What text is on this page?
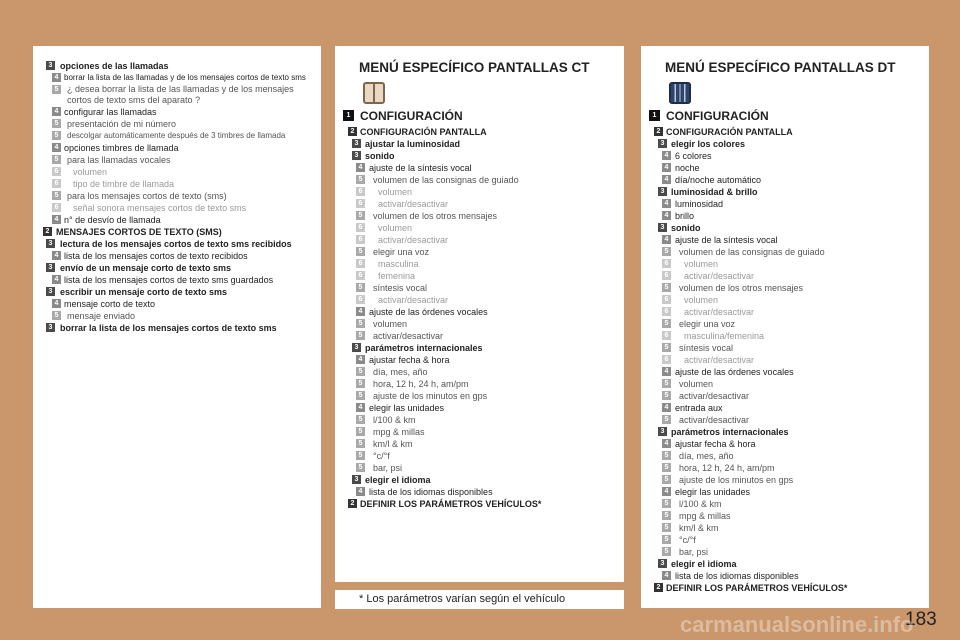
3 opciones de las llamadas
4 borrar la lista de las llamadas y de los mensajes cortos de texto sms
5 ¿ desea borrar la lista de las llamadas y de los mensajes cortos de texto sms del aparato ?
4 configurar las llamadas
5 presentación de mi número
5	descolgar automáticamente después de 3 timbres de llamada
4 opciones timbres de llamada
5 para las llamadas vocales
6 volumen
6 tipo de timbre de llamada
5 para los mensajes cortos de texto (sms)
6 señal sonora mensajes cortos de texto sms
4 n° de desvío de llamada
2 MENSAJES CORTOS DE TEXTO (SMS)
3 lectura de los mensajes cortos de texto sms recibidos
4 lista de los mensajes cortos de texto recibidos
3 envío de un mensaje corto de texto sms
4 lista de los mensajes cortos de texto sms guardados
3 escribir un mensaje corto de texto sms
4 mensaje corto de texto
5 mensaje enviado
3 borrar la lista de los mensajes cortos de texto sms
MENÚ ESPECÍFICO PANTALLAS CT
1 CONFIGURACIÓN
2 CONFIGURACIÓN PANTALLA
3 ajustar la luminosidad
3 sonido
4 ajuste de la síntesis vocal
5 volumen de las consignas de guiado
6 volumen
6 activar/desactivar
5 volumen de los otros mensajes
6 volumen
6 activar/desactivar
5 elegir una voz
6 masculina
6 femenina
5 síntesis vocal
6 activar/desactivar
4 ajuste de las órdenes vocales
5 volumen
5 activar/desactivar
3 parámetros internacionales
4 ajustar fecha & hora
5 día, mes, año
5 hora, 12 h, 24 h, am/pm
5 ajuste de los minutos en gps
4 elegir las unidades
5 l/100 & km
5 mpg & millas
5 km/l & km
5 °c/°f
5 bar, psi
3 elegir el idioma
4 lista de los idiomas disponibles
2 DEFINIR LOS PARÁMETROS VEHÍCULOS*
MENÚ ESPECÍFICO PANTALLAS DT
1 CONFIGURACIÓN
2 CONFIGURACIÓN PANTALLA
3 elegir los colores
4 6 colores
4 noche
4 día/noche automático
3 luminosidad & brillo
4 luminosidad
4 brillo
3 sonido
4 ajuste de la síntesis vocal
5 volumen de las consignas de guiado
6 volumen
6 activar/desactivar
5 volumen de los otros mensajes
6 volumen
6 activar/desactivar
5 elegir una voz
6 masculina/femenina
5 síntesis vocal
6 activar/desactivar
4 ajuste de las órdenes vocales
5 volumen
5 activar/desactivar
4 entrada aux
5 activar/desactivar
3 parámetros internacionales
4 ajustar fecha & hora
5 día, mes, año
5 hora, 12 h, 24 h, am/pm
5 ajuste de los minutos en gps
4 elegir las unidades
5 l/100 & km
5 mpg & millas
5 km/l & km
5 °c/°f
5 bar, psi
3 elegir el idioma
4 lista de los idiomas disponibles
2 DEFINIR LOS PARÁMETROS VEHÍCULOS*
* Los parámetros varían según el vehículo
183
carmanualsonline.info
